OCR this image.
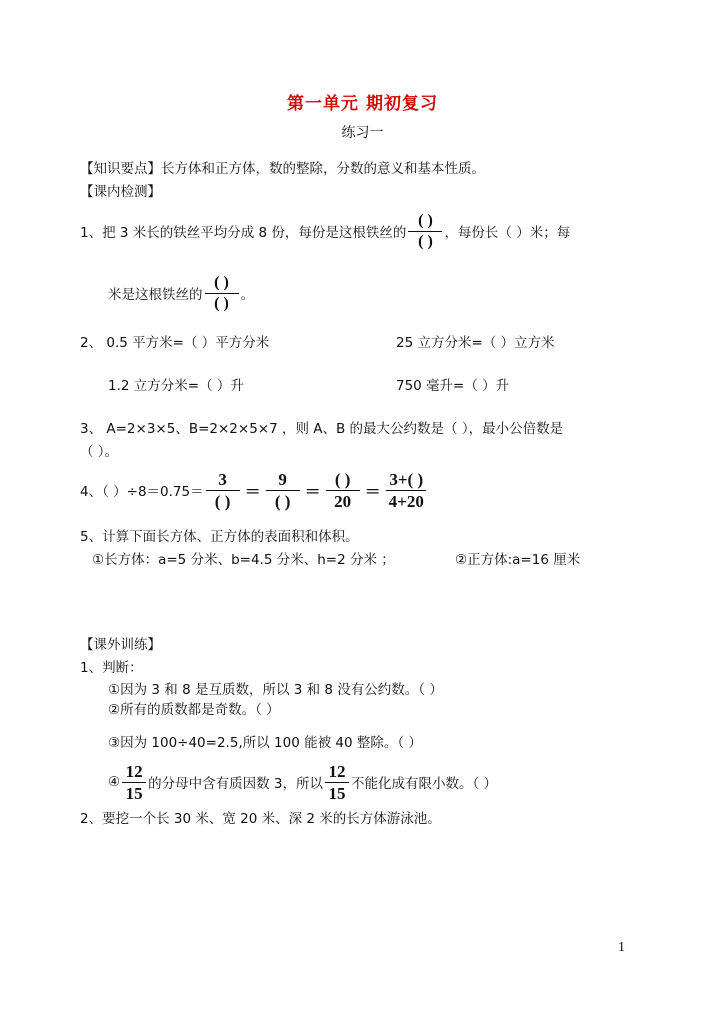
第一单元 期初复习
练习一
【知识要点】长方体和正方体，数的整除，分数的意义和基本性质。
【课内检测】
1、把 3 米长的铁丝平均分成 8 份，每份是这根铁丝的 $\frac{( )}{( )}$ ，每份长（ ）米；每
米是这根铁丝的 $\frac{( )}{( )}$ 。
2、 0.5 平方米=（ ）平方分米	25 立方分米=（ ）立方米
1.2 立方分米=（ ）升	750 毫升=（ ）升
3、 A=2×3×5、B=2×2×5×7 ，则 A、B 的最大公约数是（ ），最小公倍数是
（ ）。
4、（ ）$\div 8=0.75= \frac{3}{( )} = \frac{9}{( )} = \frac{( )}{20} = \frac{3+( )}{4+20}$
5、计算下面长方体、正方体的表面积和体积。
①长方体：a=5 分米、b=4.5 分米、h=2 分米 ；	②正方体:a=16 厘米
【课外训练】
1、判断：
①因为 3 和 8 是互质数，所以 3 和 8 没有公约数。（ ）
②所有的质数都是奇数。（ ）
③因为 100÷40=2.5,所以 100 能被 40 整除。（ ）
④ $\frac{12}{15}$ 的分母中含有质因数 3，所以 $\frac{12}{15}$ 不能化成有限小数。（ ）
2、要挖一个长 30 米、宽 20 米、深 2 米的长方体游泳池。
1
